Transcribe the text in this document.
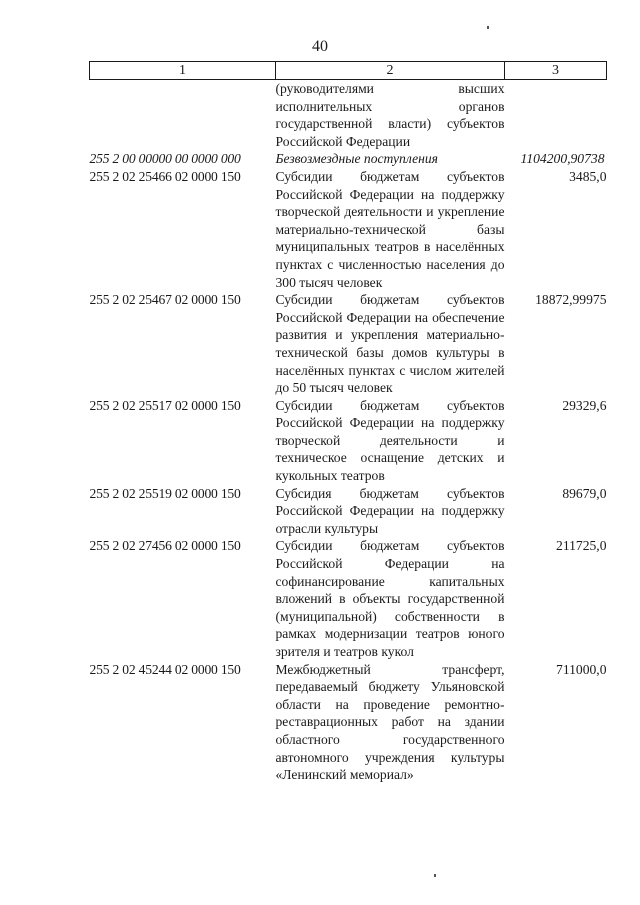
40
1	2	3
	(руководителями высших исполнительных органов государственной власти) субъектов Российской Федерации	
255 2 00 00000 00 0000 000	Безвозмездные поступления	1104200,90738
255 2 02 25466 02 0000 150	Субсидии бюджетам субъектов Российской Федерации на поддержку творческой деятельности и укрепление материально-технической базы муниципальных театров в населённых пунктах с численностью населения до 300 тысяч человек	3485,0
255 2 02 25467 02 0000 150	Субсидии бюджетам субъектов Российской Федерации на обеспечение развития и укрепления материально-технической базы домов культуры в населённых пунктах с числом жителей до 50 тысяч человек	18872,99975
255 2 02 25517 02 0000 150	Субсидии бюджетам субъектов Российской Федерации на поддержку творческой деятельности и техническое оснащение детских и кукольных театров	29329,6
255 2 02 25519 02 0000 150	Субсидия бюджетам субъектов Российской Федерации на поддержку отрасли культуры	89679,0
255 2 02 27456 02 0000 150	Субсидии бюджетам субъектов Российской Федерации на софинансирование капитальных вложений в объекты государственной (муниципальной) собственности в рамках модернизации театров юного зрителя и театров кукол	211725,0
255 2 02 45244 02 0000 150	Межбюджетный трансферт, передаваемый бюджету Ульяновской области на проведение ремонтно-реставрационных работ на здании областного государственного автономного учреждения культуры «Ленинский мемориал»	711000,0
